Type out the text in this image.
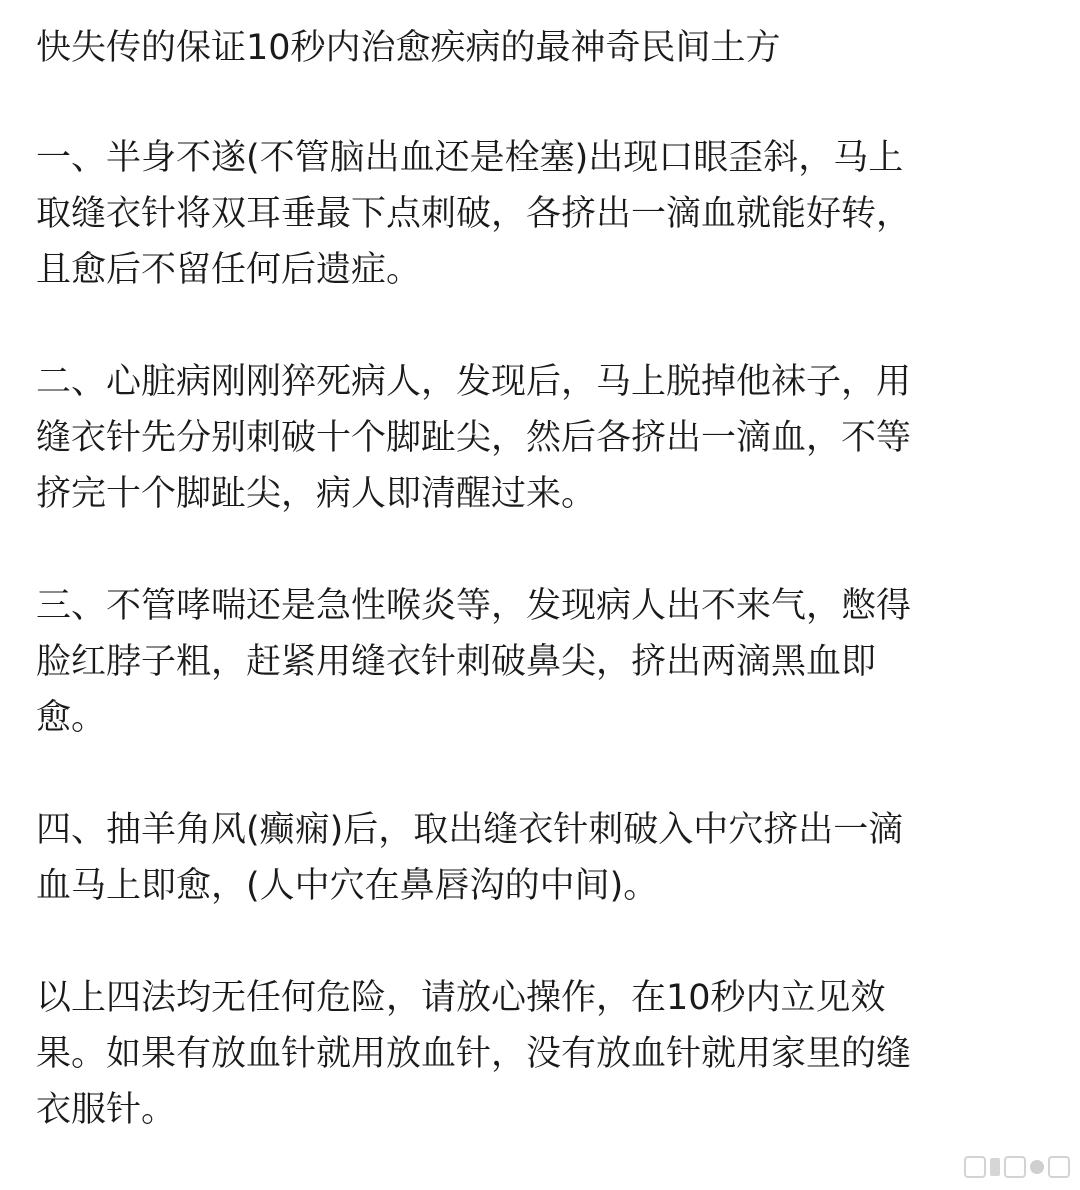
快失传的保证10秒内治愈疾病的最神奇民间土方
一、半身不遂(不管脑出血还是栓塞)出现口眼歪斜，马上
取缝衣针将双耳垂最下点刺破，各挤出一滴血就能好转，
且愈后不留任何后遗症。
二、心脏病刚刚猝死病人，发现后，马上脱掉他袜子，用
缝衣针先分别刺破十个脚趾尖，然后各挤出一滴血，不等
挤完十个脚趾尖，病人即清醒过来。
三、不管哮喘还是急性喉炎等，发现病人出不来气，憋得
脸红脖子粗，赶紧用缝衣针刺破鼻尖，挤出两滴黑血即
愈。
四、抽羊角风(癫痫)后，取出缝衣针刺破入中穴挤出一滴
血马上即愈，(人中穴在鼻唇沟的中间)。
以上四法均无任何危险，请放心操作，在10秒内立见效
果。如果有放血针就用放血针，没有放血针就用家里的缝
衣服针。
